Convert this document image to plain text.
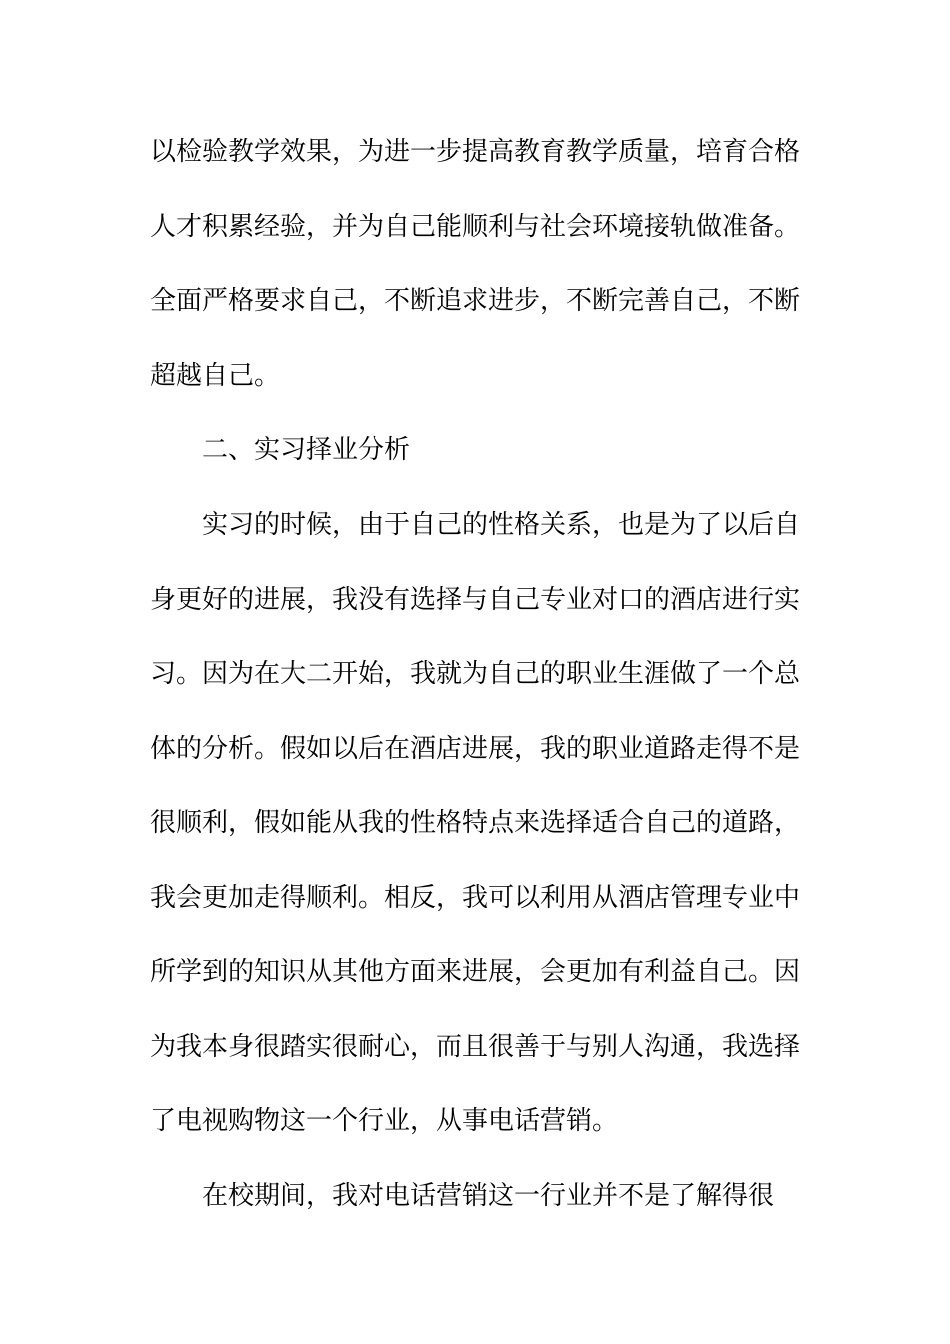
以检验教学效果，为进一步提高教育教学质量，培育合格
人才积累经验，并为自己能顺利与社会环境接轨做准备。
全面严格要求自己，不断追求进步，不断完善自己，不断
超越自己。
二、实习择业分析
实习的时候，由于自己的性格关系，也是为了以后自
身更好的进展，我没有选择与自己专业对口的酒店进行实
习。因为在大二开始，我就为自己的职业生涯做了一个总
体的分析。假如以后在酒店进展，我的职业道路走得不是
很顺利，假如能从我的性格特点来选择适合自己的道路，
我会更加走得顺利。相反，我可以利用从酒店管理专业中
所学到的知识从其他方面来进展，会更加有利益自己。因
为我本身很踏实很耐心，而且很善于与别人沟通，我选择
了电视购物这一个行业，从事电话营销。
在校期间，我对电话营销这一行业并不是了解得很
